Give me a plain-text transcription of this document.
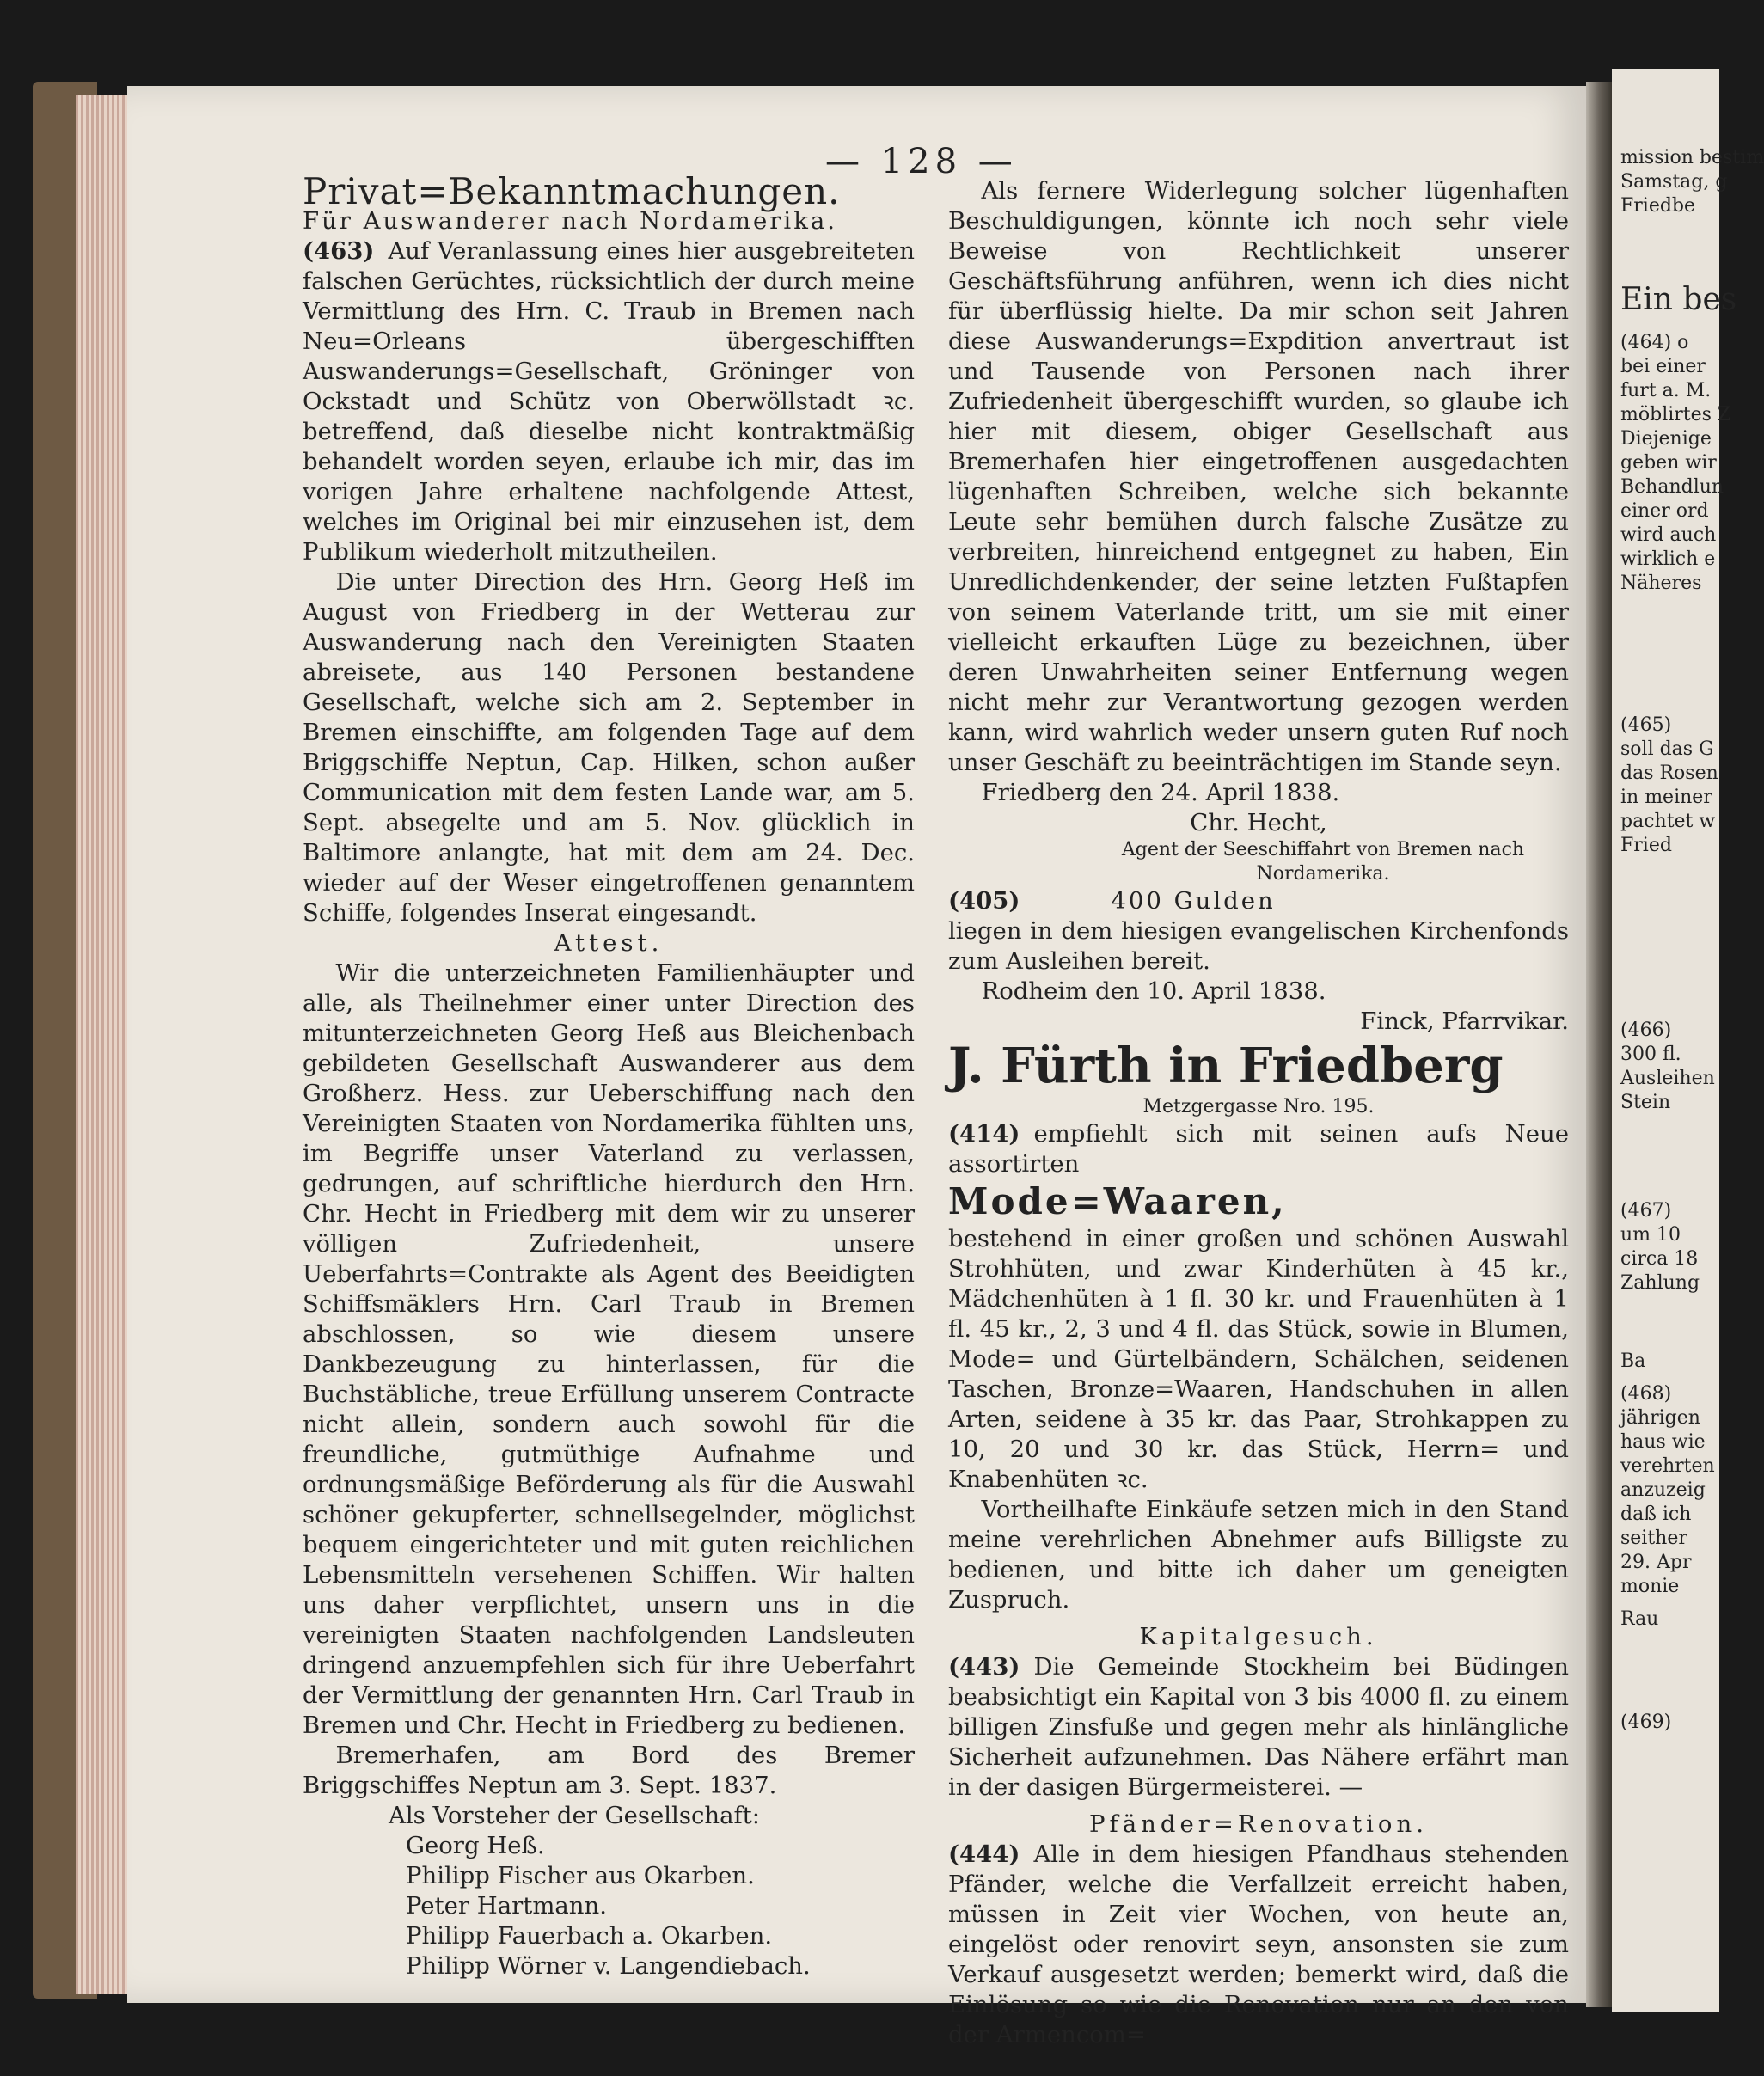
— 128 —

Privat=Bekanntmachungen.

Für Auswanderer nach Nordamerika.

(463) Auf Veranlassung eines hier ausgebreiteten falschen Gerüchtes, rücksichtlich der durch meine Vermittlung des Hrn. C. Traub in Bremen nach Neu=Orleans übergeschifften Auswanderungs=Gesellschaft, Gröninger von Ockstadt und Schütz von Oberwöllstadt ꝛc. betreffend, daß dieselbe nicht kontraktmäßig behandelt worden seyen, erlaube ich mir, das im vorigen Jahre erhaltene nachfolgende Attest, welches im Original bei mir einzusehen ist, dem Publikum wiederholt mitzutheilen.

Die unter Direction des Hrn. Georg Heß im August von Friedberg in der Wetterau zur Auswanderung nach den Vereinigten Staaten abreisete, aus 140 Personen bestandene Gesellschaft, welche sich am 2. September in Bremen einschiffte, am folgenden Tage auf dem Briggschiffe Neptun, Cap. Hilken, schon außer Communication mit dem festen Lande war, am 5. Sept. absegelte und am 5. Nov. glücklich in Baltimore anlangte, hat mit dem am 24. Dec. wieder auf der Weser eingetroffenen genanntem Schiffe, folgendes Inserat eingesandt.

Attest.

Wir die unterzeichneten Familienhäupter und alle, als Theilnehmer einer unter Direction des mitunterzeichneten Georg Heß aus Bleichenbach gebildeten Gesellschaft Auswanderer aus dem Großherz. Hess. zur Ueberschiffung nach den Vereinigten Staaten von Nordamerika fühlten uns, im Begriffe unser Vaterland zu verlassen, gedrungen, auf schriftliche hierdurch den Hrn. Chr. Hecht in Friedberg mit dem wir zu unserer völligen Zufriedenheit, unsere Ueberfahrts=Contrakte als Agent des Beeidigten Schiffsmäklers Hrn. Carl Traub in Bremen abschlossen, so wie diesem unsere Dankbezeugung zu hinterlassen, für die Buchstäbliche, treue Erfüllung unserem Contracte nicht allein, sondern auch sowohl für die freundliche, gutmüthige Aufnahme und ordnungsmäßige Beförderung als für die Auswahl schöner gekupferter, schnellsegelnder, möglichst bequem eingerichteter und mit guten reichlichen Lebensmitteln versehenen Schiffen. Wir halten uns daher verpflichtet, unsern uns in die vereinigten Staaten nachfolgenden Landsleuten dringend anzuempfehlen sich für ihre Ueberfahrt der Vermittlung der genannten Hrn. Carl Traub in Bremen und Chr. Hecht in Friedberg zu bedienen.

Bremerhafen, am Bord des Bremer Briggschiffes Neptun am 3. Sept. 1837.

Als Vorsteher der Gesellschaft:

Georg Heß.

Philipp Fischer aus Okarben.

Peter Hartmann.

Philipp Fauerbach a. Okarben.

Philipp Wörner v. Langendiebach.

Als fernere Widerlegung solcher lügenhaften Beschuldigungen, könnte ich noch sehr viele Beweise von Rechtlichkeit unserer Geschäftsführung anführen, wenn ich dies nicht für überflüssig hielte. Da mir schon seit Jahren diese Auswanderungs=Expdition anvertraut ist und Tausende von Personen nach ihrer Zufriedenheit übergeschifft wurden, so glaube ich hier mit diesem, obiger Gesellschaft aus Bremerhafen hier eingetroffenen ausgedachten lügenhaften Schreiben, welche sich bekannte Leute sehr bemühen durch falsche Zusätze zu verbreiten, hinreichend entgegnet zu haben, Ein Unredlichdenkender, der seine letzten Fußtapfen von seinem Vaterlande tritt, um sie mit einer vielleicht erkauften Lüge zu bezeichnen, über deren Unwahrheiten seiner Entfernung wegen nicht mehr zur Verantwortung gezogen werden kann, wird wahrlich weder unsern guten Ruf noch unser Geschäft zu beeinträchtigen im Stande seyn.

Friedberg den 24. April 1838.

Chr. Hecht,

Agent der Seeschiffahrt von Bremen nach Nordamerika.

(405)	400 Gulden

liegen in dem hiesigen evangelischen Kirchenfonds zum Ausleihen bereit.

Rodheim den 10. April 1838.

Finck, Pfarrvikar.

J. Fürth in Friedberg

Metzgergasse Nro. 195.

(414) empfiehlt sich mit seinen aufs Neue assortirten

Mode=Waaren,

bestehend in einer großen und schönen Auswahl Strohhüten, und zwar Kinderhüten à 45 kr., Mädchenhüten à 1 fl. 30 kr. und Frauenhüten à 1 fl. 45 kr., 2, 3 und 4 fl. das Stück, sowie in Blumen, Mode= und Gürtelbändern, Schälchen, seidenen Taschen, Bronze=Waaren, Handschuhen in allen Arten, seidene à 35 kr. das Paar, Strohkappen zu 10, 20 und 30 kr. das Stück, Herrn= und Knabenhüten ꝛc.

Vortheilhafte Einkäufe setzen mich in den Stand meine verehrlichen Abnehmer aufs Billigste zu bedienen, und bitte ich daher um geneigten Zuspruch.

Kapitalgesuch.

(443) Die Gemeinde Stockheim bei Büdingen beabsichtigt ein Kapital von 3 bis 4000 fl. zu einem billigen Zinsfuße und gegen mehr als hinlängliche Sicherheit aufzunehmen. Das Nähere erfährt man in der dasigen Bürgermeisterei. —

Pfänder=Renovation.

(444) Alle in dem hiesigen Pfandhaus stehenden Pfänder, welche die Verfallzeit erreicht haben, müssen in Zeit vier Wochen, von heute an, eingelöst oder renovirt seyn, ansonsten sie zum Verkauf ausgesetzt werden; bemerkt wird, daß die Einlösung so wie die Renovation nur an den von der Armencom=

mission bestim
Samstag, g
Friedbe
Ein bes
(464) o
bei einer
furt a. M.
möblirtes Z
Diejenige
geben wir
Behandlun
einer ord
wird auch
wirklich e
Näheres
(465)
soll das G
das Rosen
in meiner
pachtet w
Fried
(466)
300 fl.
Ausleihen
Stein
(467)
um 10
circa 18
Zahlung
Ba
(468)
jährigen
haus wie
verehrten
anzuzeig
daß ich
seither
29. Apr
monie
Rau
(469)
